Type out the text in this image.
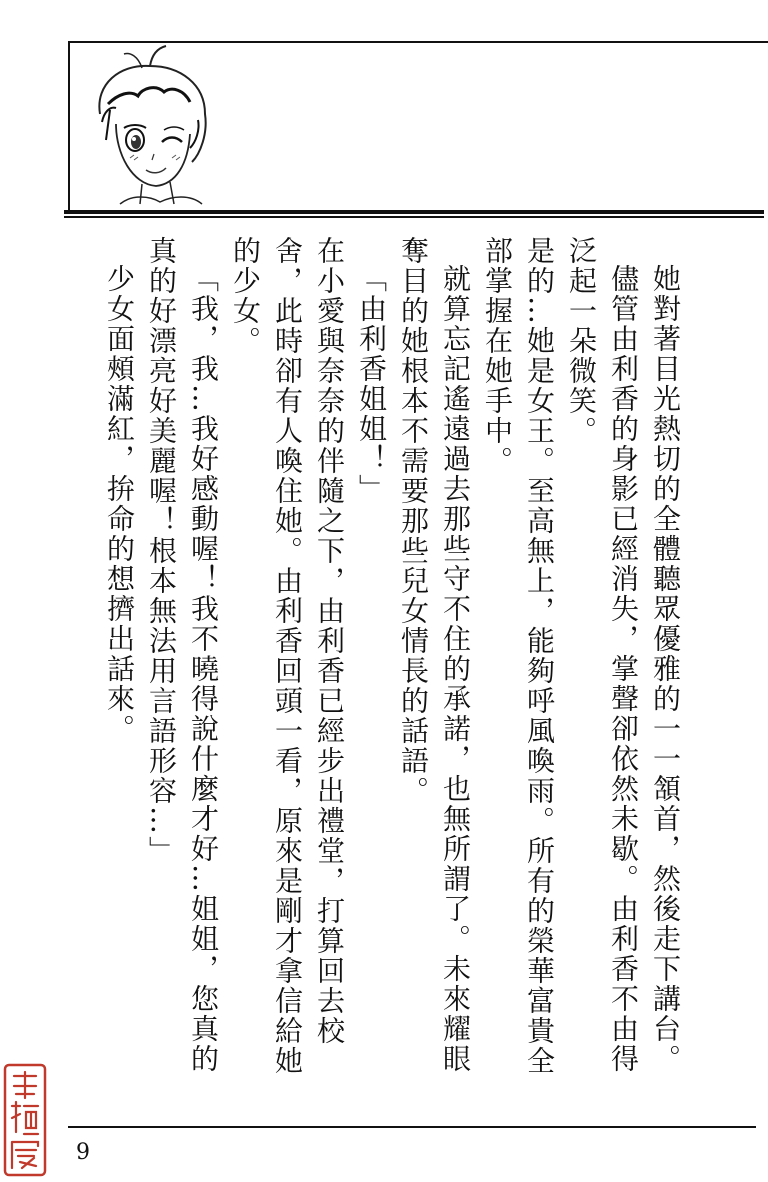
她對著目光熱切的全體聽眾優雅的一一頷首，然後走下講台。

儘管由利香的身影已經消失，掌聲卻依然未歇。由利香不由得泛起一朵微笑。

是的…她是女王。至高無上，能夠呼風喚雨。所有的榮華富貴全部掌握在她手中。

就算忘記遙遠過去那些守不住的承諾，也無所謂了。未來耀眼奪目的她根本不需要那些兒女情長的話語。

「由利香姐姐！」

在小愛與奈奈的伴隨之下，由利香已經步出禮堂，打算回去校舍，此時卻有人喚住她。由利香回頭一看，原來是剛才拿信給她的少女。

「我，我…我好感動喔！我不曉得說什麼才好…姐姐，您真的真的好漂亮好美麗喔！根本無法用言語形容…」

少女面頰滿紅，拚命的想擠出話來。

9
